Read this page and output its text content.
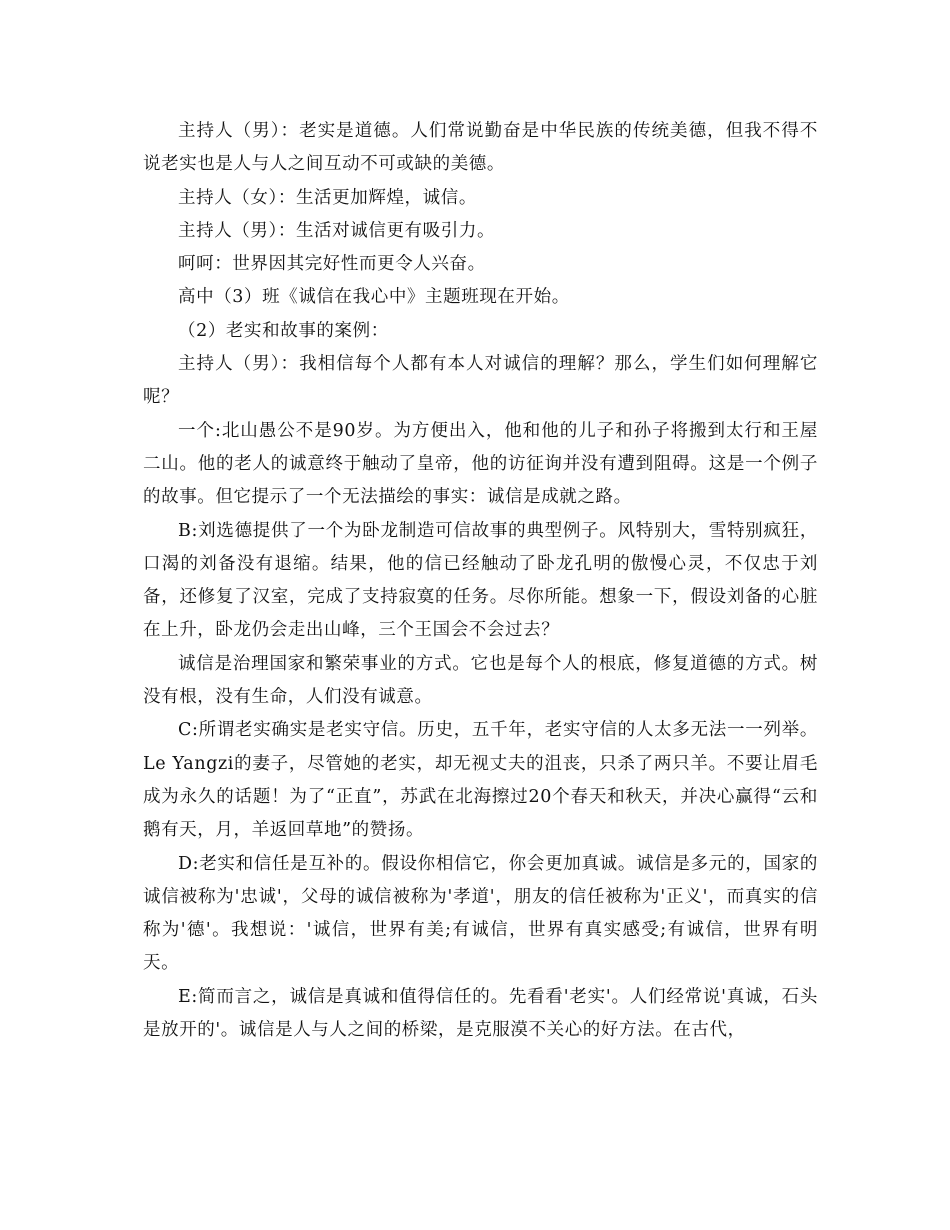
主持人（男）：老实是道德。人们常说勤奋是中华民族的传统美德，但我不得不说老实也是人与人之间互动不可或缺的美德。

主持人（女）：生活更加辉煌，诚信。

主持人（男）：生活对诚信更有吸引力。

呵呵：世界因其完好性而更令人兴奋。

高中（3）班《诚信在我心中》主题班现在开始。

（2）老实和故事的案例：

主持人（男）：我相信每个人都有本人对诚信的理解？那么，学生们如何理解它呢？

一个:北山愚公不是90岁。为方便出入，他和他的儿子和孙子将搬到太行和王屋二山。他的老人的诚意终于触动了皇帝，他的访征询并没有遭到阻碍。这是一个例子的故事。但它提示了一个无法描绘的事实：诚信是成就之路。

B:刘选德提供了一个为卧龙制造可信故事的典型例子。风特别大，雪特别疯狂，口渴的刘备没有退缩。结果，他的信已经触动了卧龙孔明的傲慢心灵，不仅忠于刘备，还修复了汉室，完成了支持寂寞的任务。尽你所能。想象一下，假设刘备的心脏在上升，卧龙仍会走出山峰，三个王国会不会过去？

诚信是治理国家和繁荣事业的方式。它也是每个人的根底，修复道德的方式。树没有根，没有生命，人们没有诚意。

C:所谓老实确实是老实守信。历史，五千年，老实守信的人太多无法一一列举。 Le Yangzi的妻子，尽管她的老实，却无视丈夫的沮丧，只杀了两只羊。不要让眉毛成为永久的话题！为了“正直”，苏武在北海擦过20个春天和秋天，并决心赢得“云和鹅有天，月，羊返回草地”的赞扬。

D:老实和信任是互补的。假设你相信它，你会更加真诚。诚信是多元的，国家的诚信被称为'忠诚'，父母的诚信被称为'孝道'，朋友的信任被称为'正义'，而真实的信称为'德'。我想说：'诚信，世界有美;有诚信，世界有真实感受;有诚信，世界有明天。

E:简而言之，诚信是真诚和值得信任的。先看看'老实'。人们经常说'真诚，石头是放开的'。诚信是人与人之间的桥梁，是克服漠不关心的好方法。在古代，
